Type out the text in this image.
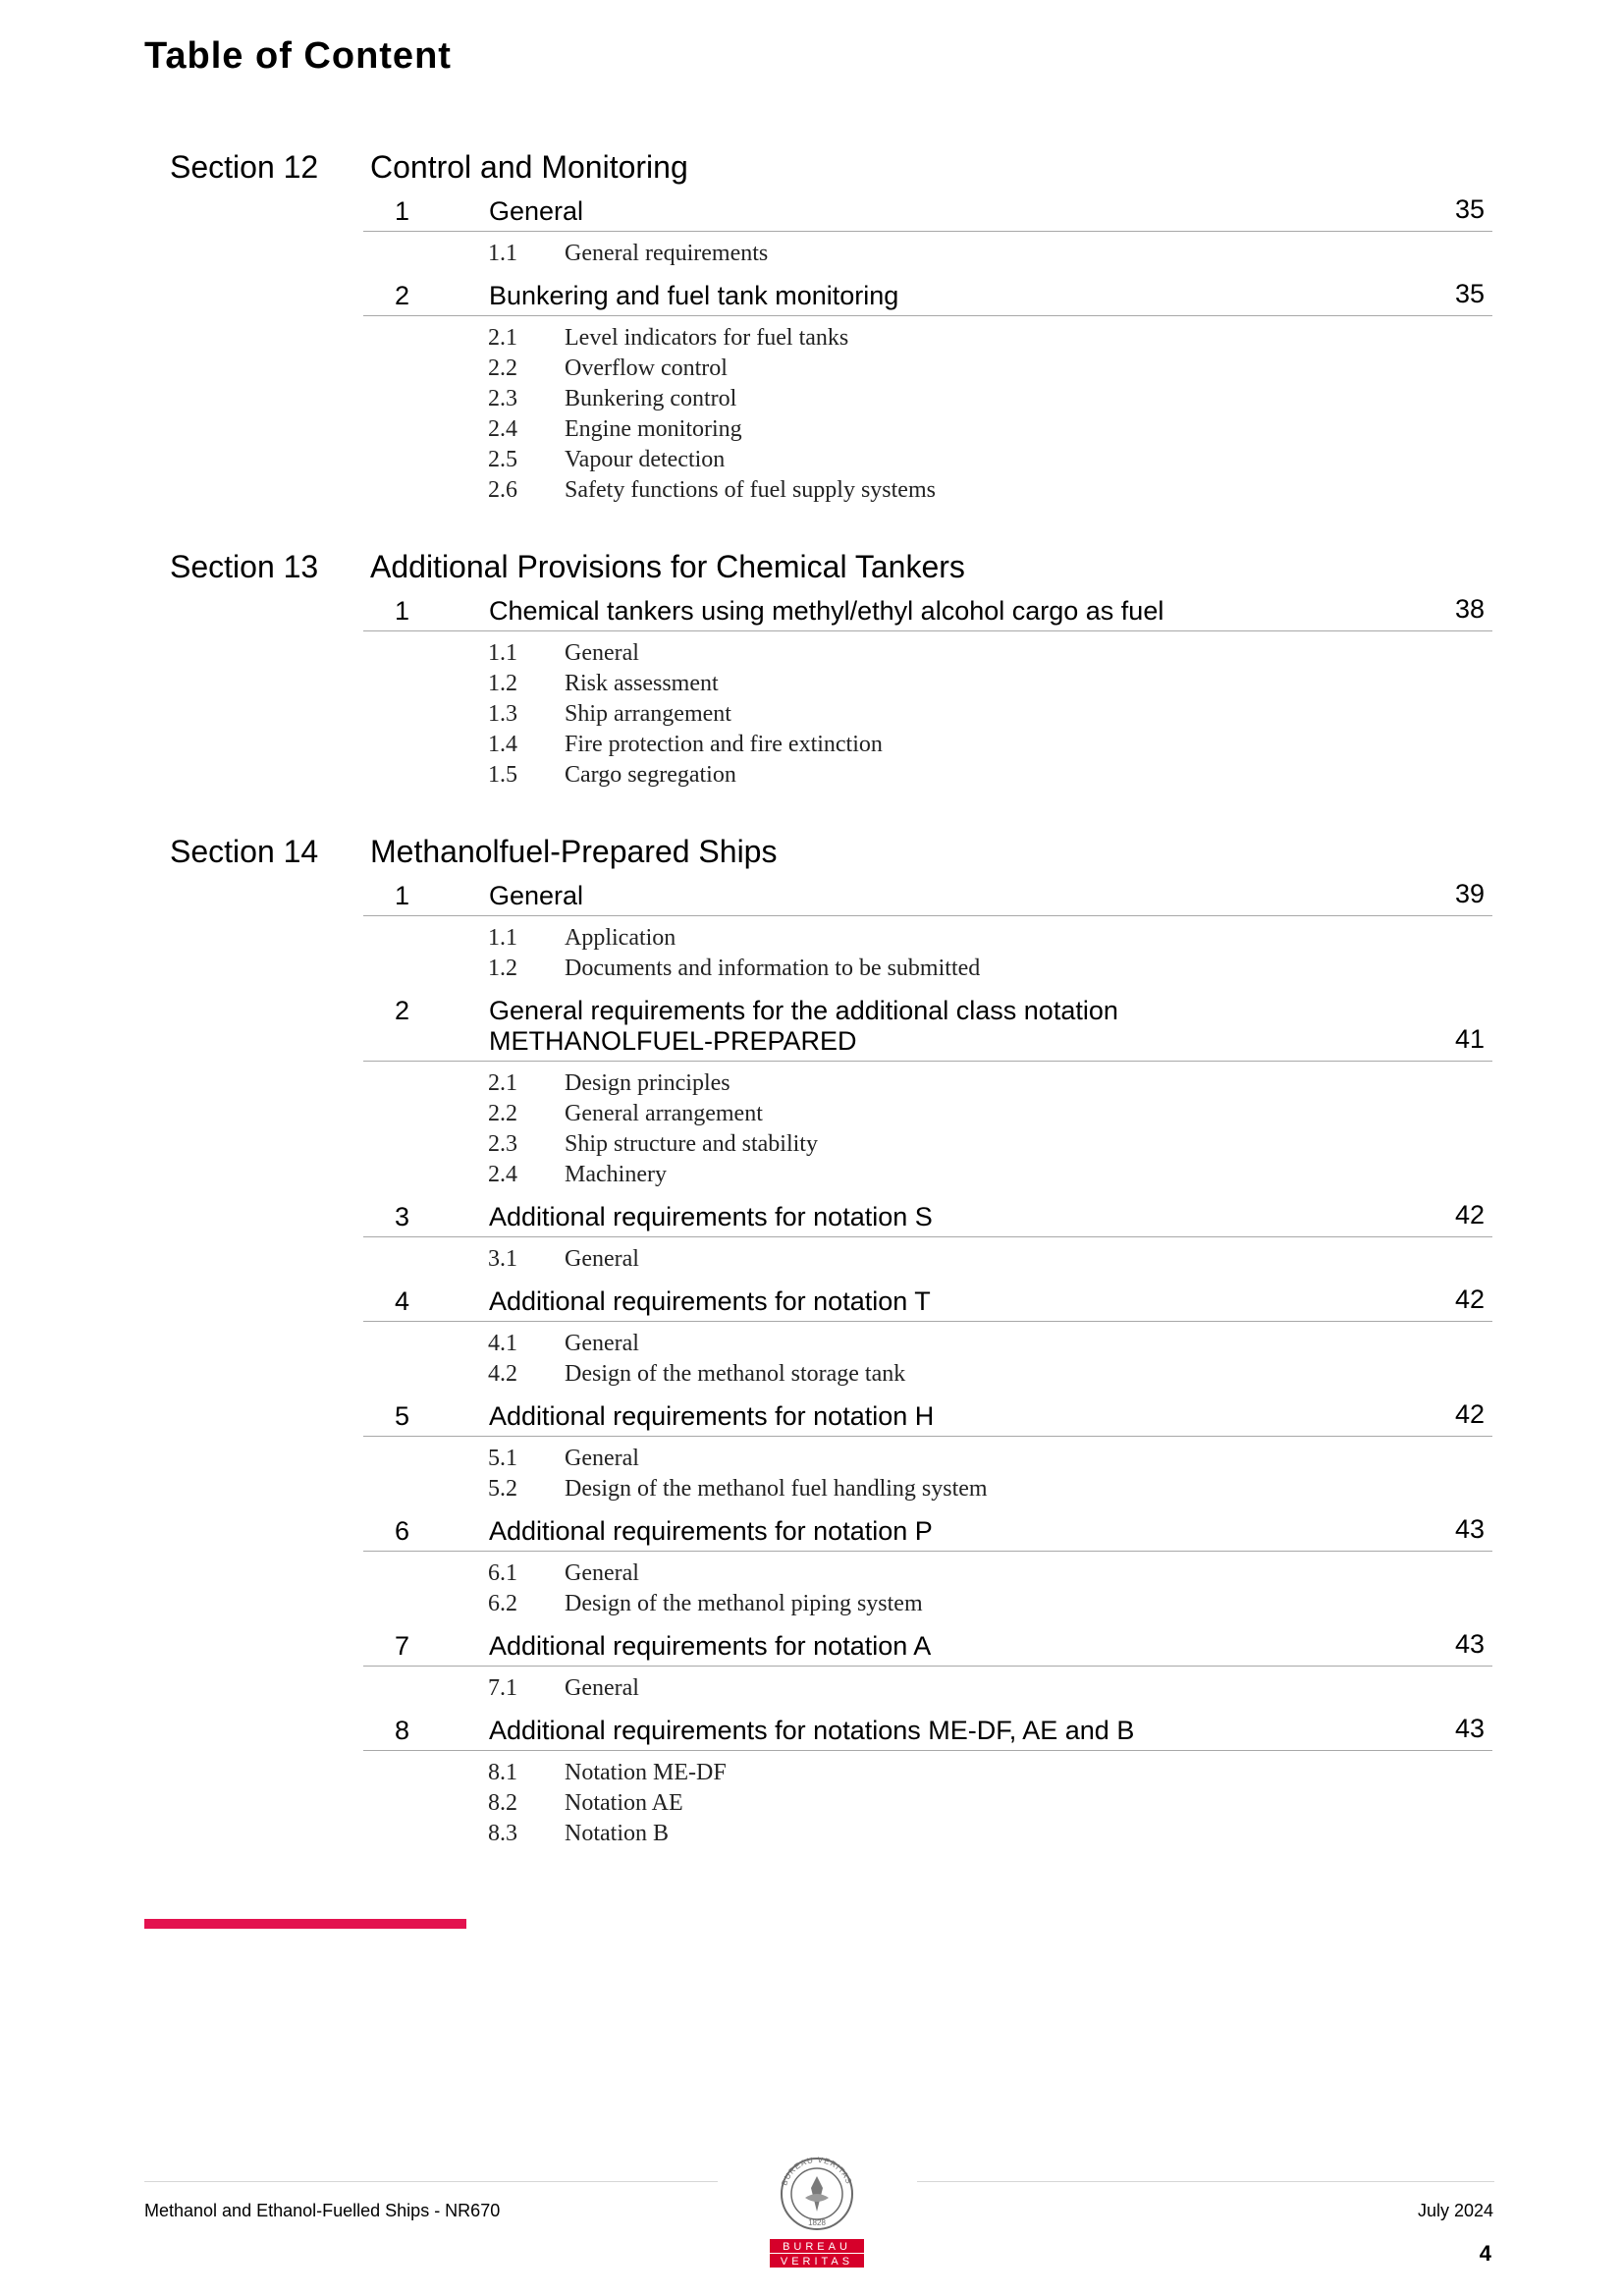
Table of Content
Section 12 Control and Monitoring
1	General	35
1.1	General requirements
2	Bunkering and fuel tank monitoring	35
2.1	Level indicators for fuel tanks
2.2	Overflow control
2.3	Bunkering control
2.4	Engine monitoring
2.5	Vapour detection
2.6	Safety functions of fuel supply systems
Section 13 Additional Provisions for Chemical Tankers
1	Chemical tankers using methyl/ethyl alcohol cargo as fuel	38
1.1	General
1.2	Risk assessment
1.3	Ship arrangement
1.4	Fire protection and fire extinction
1.5	Cargo segregation
Section 14 Methanolfuel-Prepared Ships
1	General	39
1.1	Application
1.2	Documents and information to be submitted
2	General requirements for the additional class notation
METHANOLFUEL-PREPARED	41
2.1	Design principles
2.2	General arrangement
2.3	Ship structure and stability
2.4	Machinery
3	Additional requirements for notation S	42
3.1	General
4	Additional requirements for notation T	42
4.1	General
4.2	Design of the methanol storage tank
5	Additional requirements for notation H	42
5.1	General
5.2	Design of the methanol fuel handling system
6	Additional requirements for notation P	43
6.1	General
6.2	Design of the methanol piping system
7	Additional requirements for notation A	43
7.1	General
8	Additional requirements for notations ME-DF, AE and B	43
8.1	Notation ME-DF
8.2	Notation AE
8.3	Notation B
BUREAU VERITAS
1828
BUREAU
VERITAS
Methanol and Ethanol-Fuelled Ships - NR670	July 2024
4
